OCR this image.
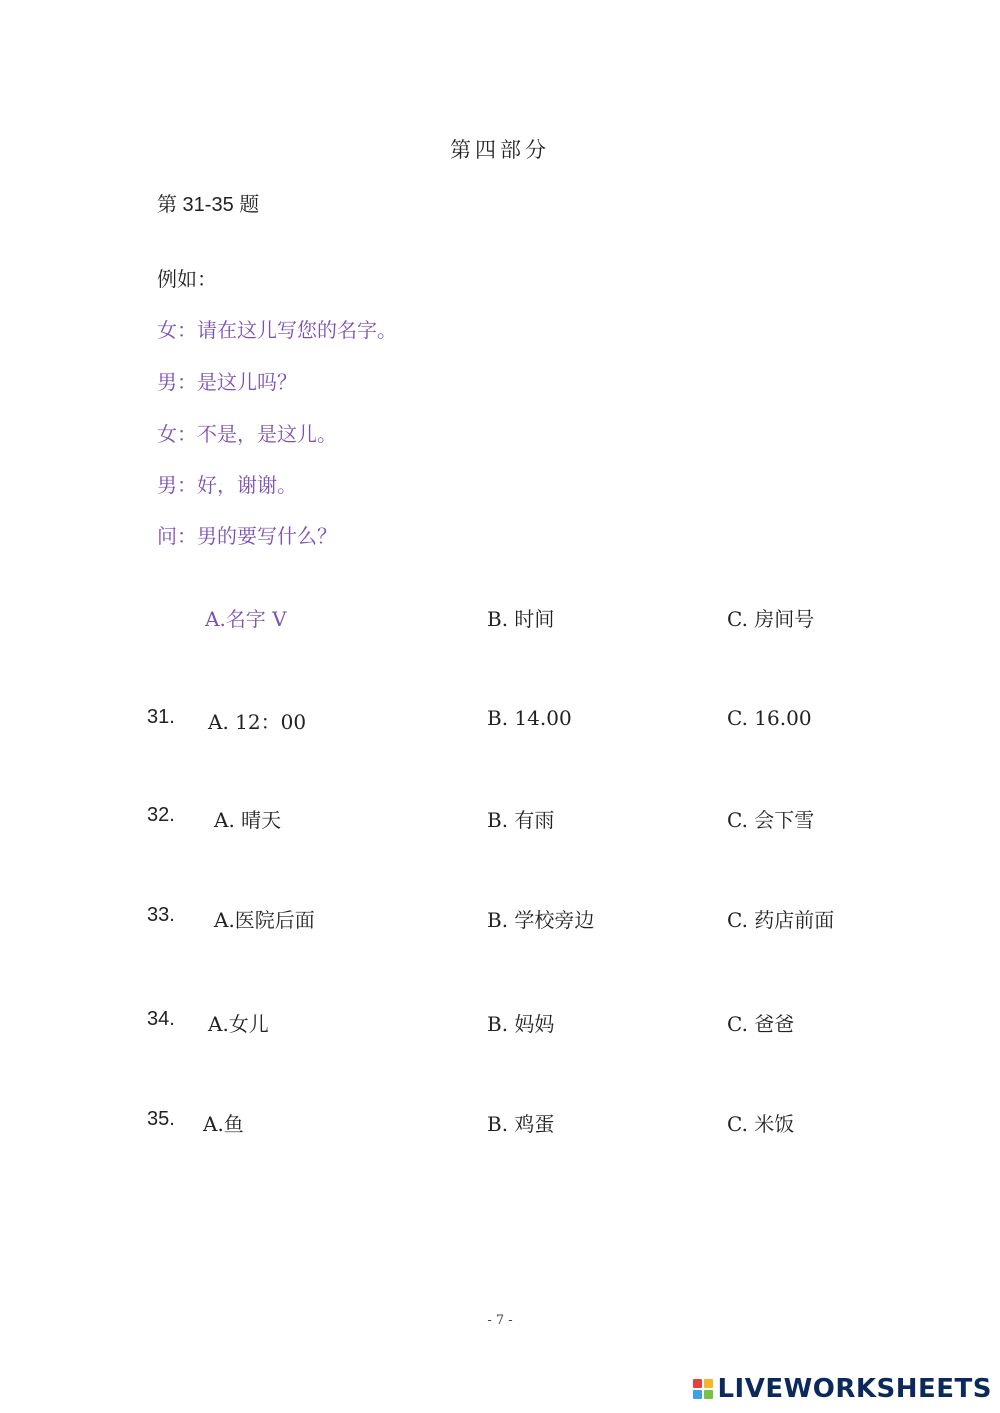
第四部分
第 31-35 题
例如：
女：请在这儿写您的名字。
男：是这儿吗？
女：不是，是这儿。
男：好，谢谢。
问：男的要写什么？
A.名字 V	B. 时间	C. 房间号
31. A. 12：00	B. 14.00	C. 16.00
32. A. 晴天	B. 有雨	C. 会下雪
33. A.医院后面	B. 学校旁边	C. 药店前面
34. A.女儿	B. 妈妈	C. 爸爸
35. A.鱼	B. 鸡蛋	C. 米饭
- 7 -
LIVEWORKSHEETS
